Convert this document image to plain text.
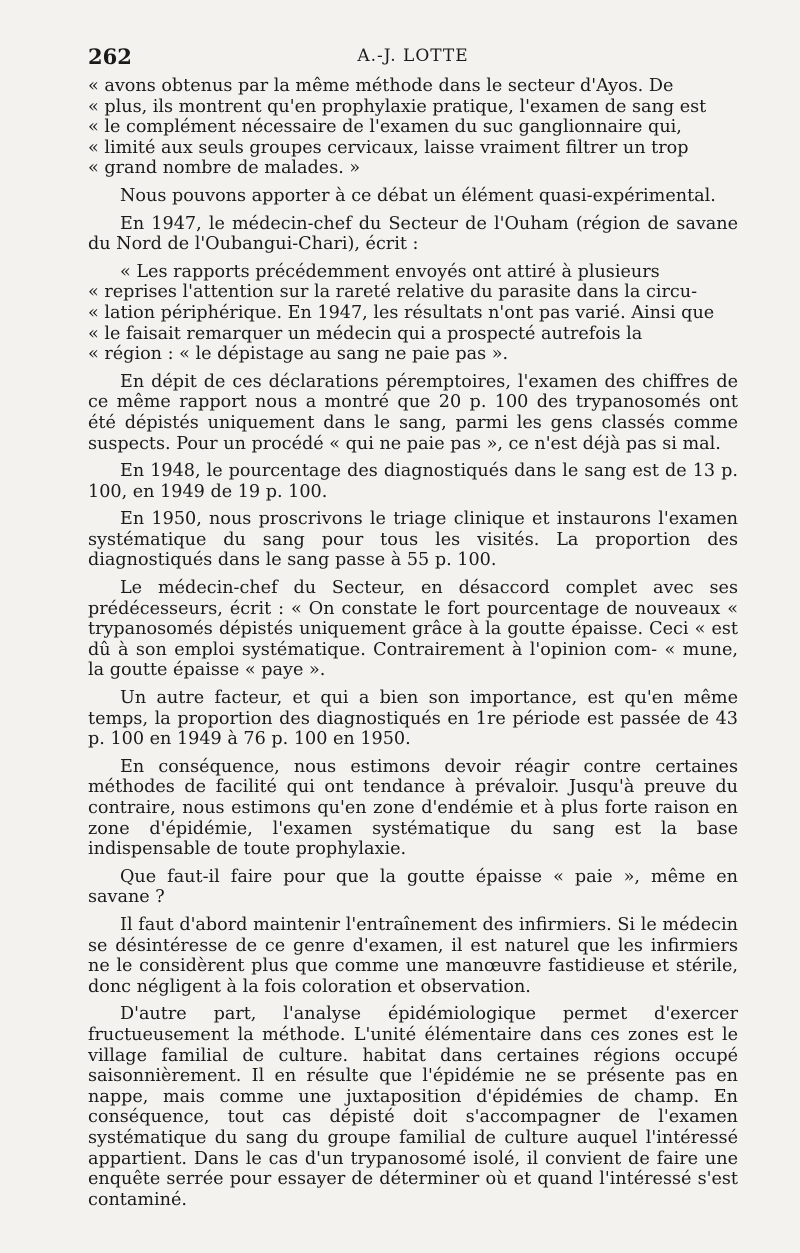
262	A.-J. LOTTE
« avons obtenus par la même méthode dans le secteur d'Ayos. De
« plus, ils montrent qu'en prophylaxie pratique, l'examen de sang est
« le complément nécessaire de l'examen du suc ganglionnaire qui,
« limité aux seuls groupes cervicaux, laisse vraiment filtrer un trop
« grand nombre de malades. »

Nous pouvons apporter à ce débat un élément quasi-expérimental.

En 1947, le médecin-chef du Secteur de l'Ouham (région de savane du Nord de l'Oubangui-Chari), écrit :

« Les rapports précédemment envoyés ont attiré à plusieurs
« reprises l'attention sur la rareté relative du parasite dans la circu-
« lation périphérique. En 1947, les résultats n'ont pas varié. Ainsi que
« le faisait remarquer un médecin qui a prospecté autrefois la
« région : « le dépistage au sang ne paie pas ».

En dépit de ces déclarations péremptoires, l'examen des chiffres de ce même rapport nous a montré que 20 p. 100 des trypanosomés ont été dépistés uniquement dans le sang, parmi les gens classés comme suspects. Pour un procédé « qui ne paie pas », ce n'est déjà pas si mal.

En 1948, le pourcentage des diagnostiqués dans le sang est de 13 p. 100, en 1949 de 19 p. 100.

En 1950, nous proscrivons le triage clinique et instaurons l'examen systématique du sang pour tous les visités. La proportion des diagnostiqués dans le sang passe à 55 p. 100.

Le médecin-chef du Secteur, en désaccord complet avec ses prédécesseurs, écrit : « On constate le fort pourcentage de nouveaux « trypanosomés dépistés uniquement grâce à la goutte épaisse. Ceci « est dû à son emploi systématique. Contrairement à l'opinion com- « mune, la goutte épaisse « paye ».

Un autre facteur, et qui a bien son importance, est qu'en même temps, la proportion des diagnostiqués en 1re période est passée de 43 p. 100 en 1949 à 76 p. 100 en 1950.

En conséquence, nous estimons devoir réagir contre certaines méthodes de facilité qui ont tendance à prévaloir. Jusqu'à preuve du contraire, nous estimons qu'en zone d'endémie et à plus forte raison en zone d'épidémie, l'examen systématique du sang est la base indispensable de toute prophylaxie.

Que faut-il faire pour que la goutte épaisse « paie », même en savane ?

Il faut d'abord maintenir l'entraînement des infirmiers. Si le médecin se désintéresse de ce genre d'examen, il est naturel que les infirmiers ne le considèrent plus que comme une manœuvre fastidieuse et stérile, donc négligent à la fois coloration et observation.

D'autre part, l'analyse épidémiologique permet d'exercer fructueusement la méthode. L'unité élémentaire dans ces zones est le village familial de culture. habitat dans certaines régions occupé saisonnièrement. Il en résulte que l'épidémie ne se présente pas en nappe, mais comme une juxtaposition d'épidémies de champ. En conséquence, tout cas dépisté doit s'accompagner de l'examen systématique du sang du groupe familial de culture auquel l'intéressé appartient. Dans le cas d'un trypanosomé isolé, il convient de faire une enquête serrée pour essayer de déterminer où et quand l'intéressé s'est contaminé.
